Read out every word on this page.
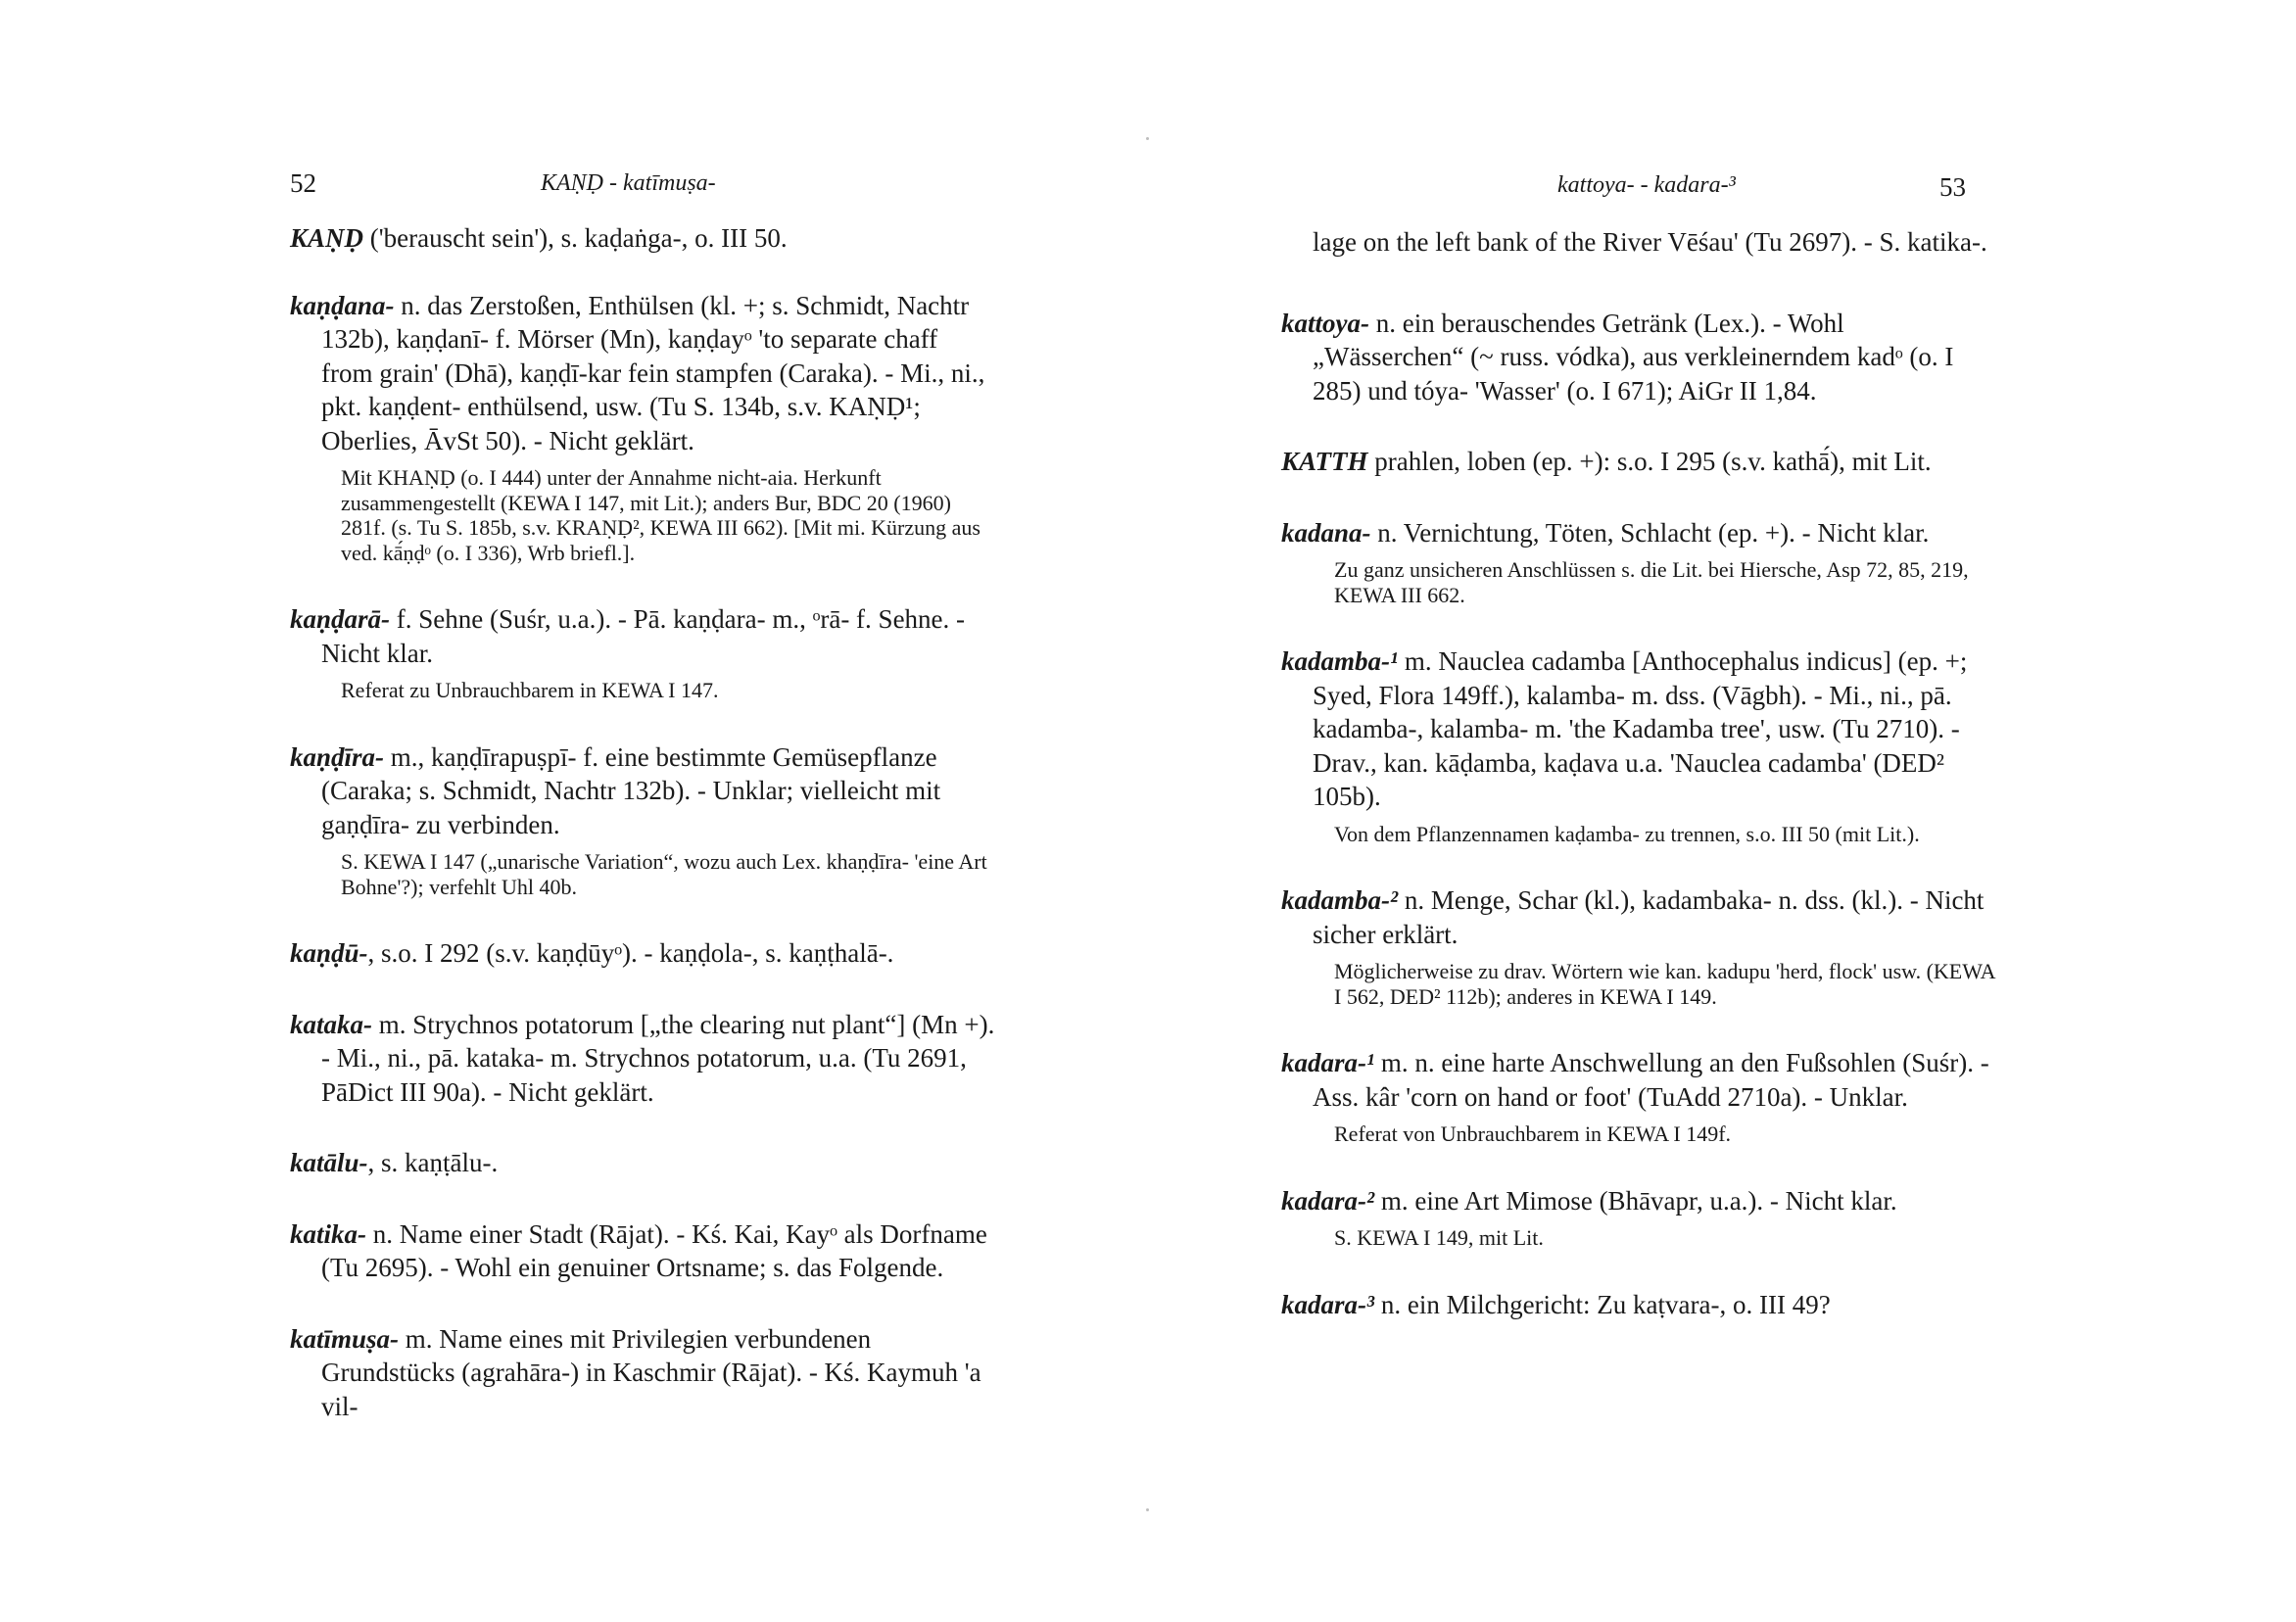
52	KAṆḌ - katīmuṣa-
KAṆḌ ('berauscht sein'), s. kaḍaṅga-, o. III 50.
kaṇḍana- n. das Zerstoßen, Enthülsen (kl. +; s. Schmidt, Nachtr 132b), kaṇḍanī- f. Mörser (Mn), kaṇḍayᵒ 'to separate chaff from grain' (Dhā), kaṇḍī-kar fein stampfen (Caraka). - Mi., ni., pkt. kaṇḍent- enthülsend, usw. (Tu S. 134b, s.v. KAṆḌ¹; Oberlies, ĀvSt 50). - Nicht geklärt.
Mit KHAṆḌ (o. I 444) unter der Annahme nicht-aia. Herkunft zusammengestellt (KEWA I 147, mit Lit.); anders Bur, BDC 20 (1960) 281f. (s. Tu S. 185b, s.v. KRAṆḌ², KEWA III 662). [Mit mi. Kürzung aus ved. kā́ṇḍᵒ (o. I 336), Wrb briefl.].
kaṇḍarā- f. Sehne (Suśr, u.a.). - Pā. kaṇḍara- m., ᵒrā- f. Sehne. - Nicht klar.
Referat zu Unbrauchbarem in KEWA I 147.
kaṇḍīra- m., kaṇḍīrapuṣpī- f. eine bestimmte Gemüsepflanze (Caraka; s. Schmidt, Nachtr 132b). - Unklar; vielleicht mit gaṇḍīra- zu verbinden.
S. KEWA I 147 („unarische Variation“, wozu auch Lex. khaṇḍīra- 'eine Art Bohne'?); verfehlt Uhl 40b.
kaṇḍū-, s.o. I 292 (s.v. kaṇḍūyᵒ). - kaṇḍola-, s. kaṇṭhalā-.
kataka- m. Strychnos potatorum [„the clearing nut plant“] (Mn +). - Mi., ni., pā. kataka- m. Strychnos potatorum, u.a. (Tu 2691, PāDict III 90a). - Nicht geklärt.
katālu-, s. kaṇṭālu-.
katika- n. Name einer Stadt (Rājat). - Kś. Kai, Kayᵒ als Dorfname (Tu 2695). - Wohl ein genuiner Ortsname; s. das Folgende.
katīmuṣa- m. Name eines mit Privilegien verbundenen Grundstücks (agrahāra-) in Kaschmir (Rājat). - Kś. Kaymuh 'a vil-
kattoya- - kadara-³	53
lage on the left bank of the River Vēśau' (Tu 2697). - S. katika-.
kattoya- n. ein berauschendes Getränk (Lex.). - Wohl „Wässerchen“ (~ russ. vódka), aus verkleinerndem kadᵒ (o. I 285) und tóya- 'Wasser' (o. I 671); AiGr II 1,84.
KATTH prahlen, loben (ep. +): s.o. I 295 (s.v. kathā́), mit Lit.
kadana- n. Vernichtung, Töten, Schlacht (ep. +). - Nicht klar.
Zu ganz unsicheren Anschlüssen s. die Lit. bei Hiersche, Asp 72, 85, 219, KEWA III 662.
kadamba-¹ m. Nauclea cadamba [Anthocephalus indicus] (ep. +; Syed, Flora 149ff.), kalamba- m. dss. (Vāgbh). - Mi., ni., pā. kadamba-, kalamba- m. 'the Kadamba tree', usw. (Tu 2710). - Drav., kan. kāḍamba, kaḍava u.a. 'Nauclea cadamba' (DED² 105b).
Von dem Pflanzennamen kaḍamba- zu trennen, s.o. III 50 (mit Lit.).
kadamba-² n. Menge, Schar (kl.), kadambaka- n. dss. (kl.). - Nicht sicher erklärt.
Möglicherweise zu drav. Wörtern wie kan. kadupu 'herd, flock' usw. (KEWA I 562, DED² 112b); anderes in KEWA I 149.
kadara-¹ m. n. eine harte Anschwellung an den Fußsohlen (Suśr). - Ass. kâr 'corn on hand or foot' (TuAdd 2710a). - Unklar.
Referat von Unbrauchbarem in KEWA I 149f.
kadara-² m. eine Art Mimose (Bhāvapr, u.a.). - Nicht klar.
S. KEWA I 149, mit Lit.
kadara-³ n. ein Milchgericht: Zu kaṭvara-, o. III 49?
